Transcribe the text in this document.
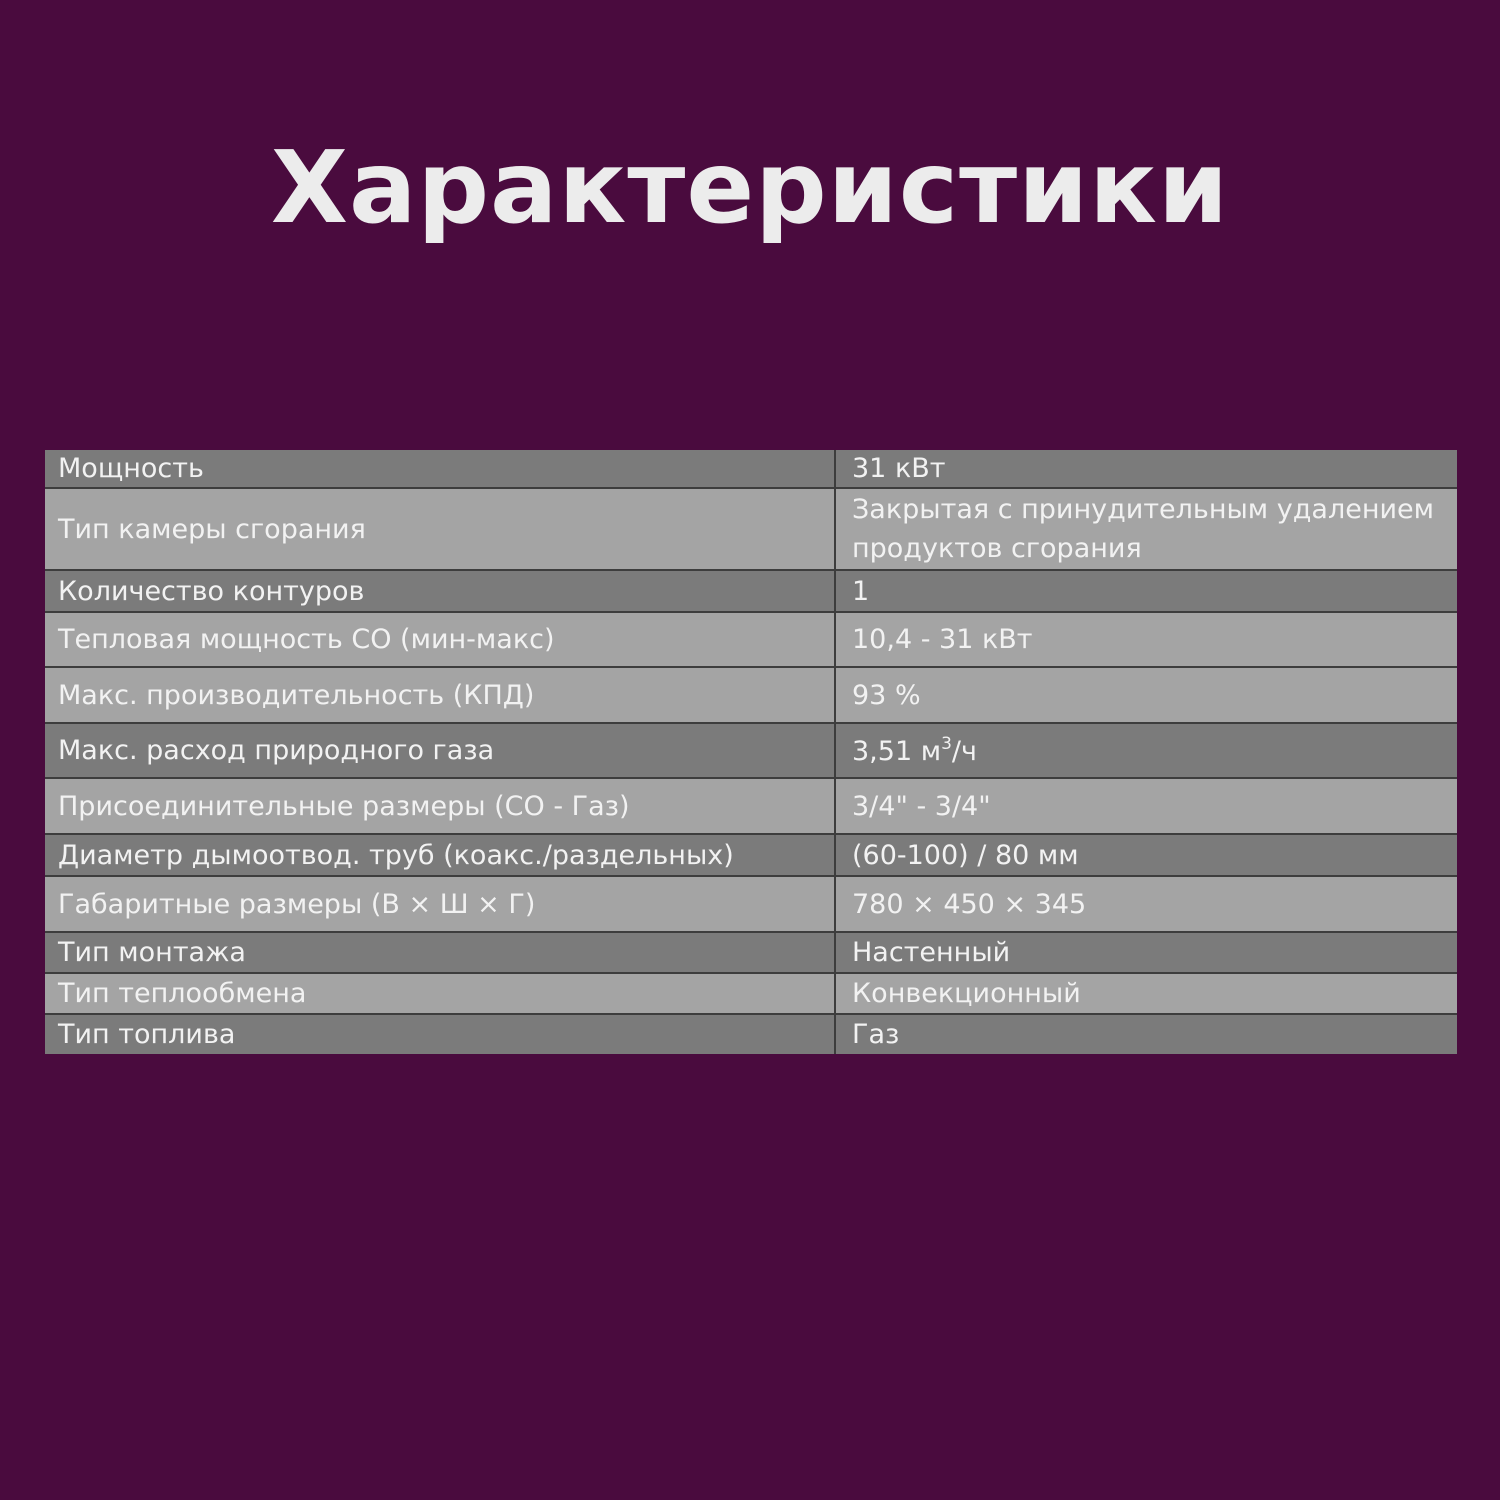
Характеристики
Мощность	31 кВт
Тип камеры сгорания	Закрытая с принудительным удалением
продуктов сгорания

Количество контуров	1
Тепловая мощность СО (мин-макс)	10,4 - 31 кВт
Макс. производительность (КПД)	93 %
Макс. расход природного газа	3,51 $м^3/ч$
Присоединительные размеры (СО - Газ)	3/4" - 3/4"
Диаметр дымоотвод. труб (коакс./раздельных)	(60-100) / 80 мм
Габаритные размеры (В × Ш × Г)	780 × 450 × 345
Тип монтажа	Настенный
Тип теплообмена	Конвекционный
Тип топлива	Газ
